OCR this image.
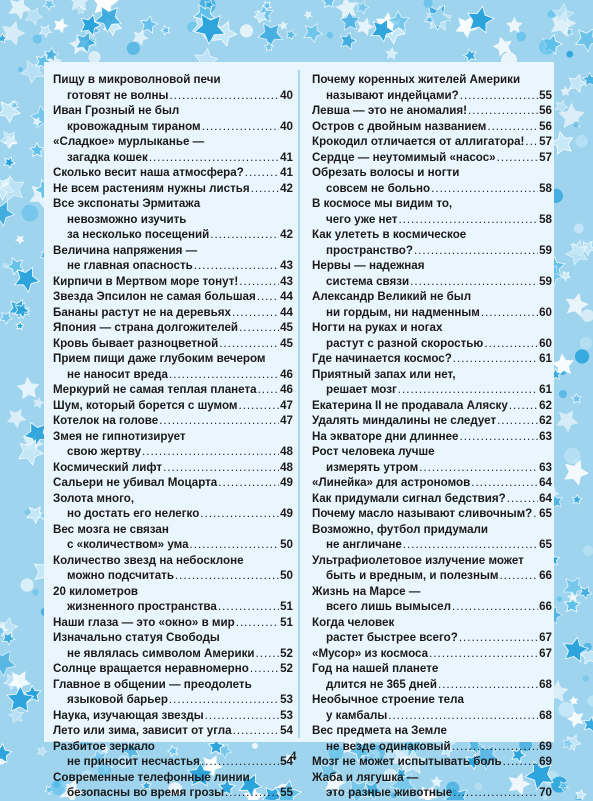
Пищу в микроволновой печи
готовят не волны .....	40
Иван Грозный не был
кровожадным тираном .....	40
«Сладкое» мурлыканье —
загадка кошек .....	41
Сколько весит наша атмосфера? .....	41
Не всем растениям нужны листья .....	42
Все экспонаты Эрмитажа
невозможно изучить
за несколько посещений .....	42
Величина напряжения —
не главная опасность .....	43
Кирпичи в Мертвом море тонут! .....	43
Звезда Эпсилон не самая большая ..... 44
Бананы растут не на деревьях .....	44
Япония — страна долгожителей .....	45
Кровь бывает разноцветной .....	45
Прием пищи даже глубоким вечером
не наносит вреда .....	46
Меркурий не самая теплая планета ..... 46
Шум, который борется с шумом .....	47
Котелок на голове .....	47
Змея не гипнотизирует
свою жертву .....	48
Космический лифт .....	48
Сальери не убивал Моцарта .....	49
Золота много,
но достать его нелегко .....	49
Вес мозга не связан
с «количеством» ума .....	50
Количество звезд на небосклоне
можно подсчитать .....	50
20 километров
жизненного пространства .....	51
Наши глаза — это «окно» в мир .....	51
Изначально статуя Свободы
не являлась символом Америки ..... 52
Солнце вращается неравномерно .....	52
Главное в общении — преодолеть
языковой барьер .....	53
Наука, изучающая звезды .....	53
Лето или зима, зависит от угла .....	54
Разбитое зеркало
не приносит несчастья .....	54
Современные телефонные линии
безопасны во время грозы .....	55
Почему коренных жителей Америки
называют индейцами? .....	55
Левша — это не аномалия! .....	56
Остров с двойным названием .....	56
Крокодил отличается от аллигатора! ..... 57
Сердце — неутомимый «насос» .....	57
Обрезать волосы и ногти
совсем не больно .....	58
В космосе мы видим то,
чего уже нет .....	58
Как улететь в космическое
пространство? .....	59
Нервы — надежная
система связи .....	59
Александр Великий не был
ни гордым, ни надменным .....	60
Ногти на руках и ногах
растут с разной скоростью .....	60
Где начинается космос? .....	61
Приятный запах или нет,
решает мозг .....	61
Екатерина II не продавала Аляску .....	62
Удалять миндалины не следует .....	62
На экваторе дни длиннее .....	63
Рост человека лучше
измерять утром .....	63
«Линейка» для астрономов .....	64
Как придумали сигнал бедствия? .....	64
Почему масло называют сливочным? ..... 65
Возможно, футбол придумали
не англичане .....	65
Ультрафиолетовое излучение может
быть и вредным, и полезным .....	66
Жизнь на Марсе —
всего лишь вымысел .....	66
Когда человек
растет быстрее всего? .....	67
«Мусор» из космоса .....	67
Год на нашей планете
длится не 365 дней .....	68
Необычное строение тела
у камбалы .....	68
Вес предмета на Земле
не везде одинаковый .....	69
Мозг не может испытывать боль .....	69
Жаба и лягушка —
это разные животные .....	70
4
